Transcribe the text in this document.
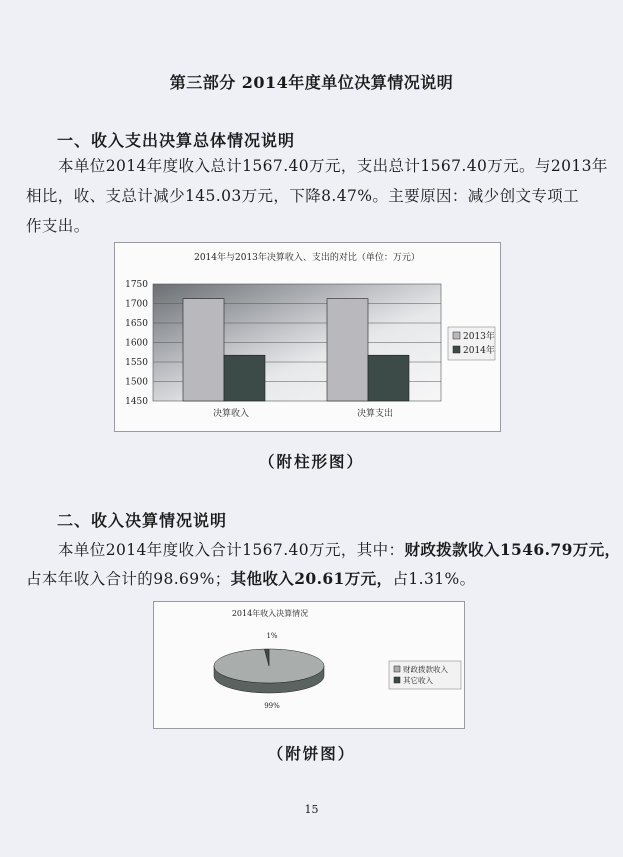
第三部分 2014年度单位决算情况说明
一、收入支出决算总体情况说明
本单位2014年度收入总计1567.40万元，支出总计1567.40万元。与2013年
相比，收、支总计减少145.03万元，下降8.47%。主要原因：减少创文专项工
作支出。
2014年与2013年决算收入、支出的对比（单位：万元）
1750
1700
1650
1600
1550
1500
1450
决算收入	决算支出
2013年
2014年
（附柱形图）
二、收入决算情况说明
本单位2014年度收入合计1567.40万元，其中：财政拨款收入1546.79万元，
占本年收入合计的98.69%；其他收入20.61万元，占1.31%。
2014年收入决算情况
1%
99%
财政拨款收入
其它收入
（附饼图）
15
